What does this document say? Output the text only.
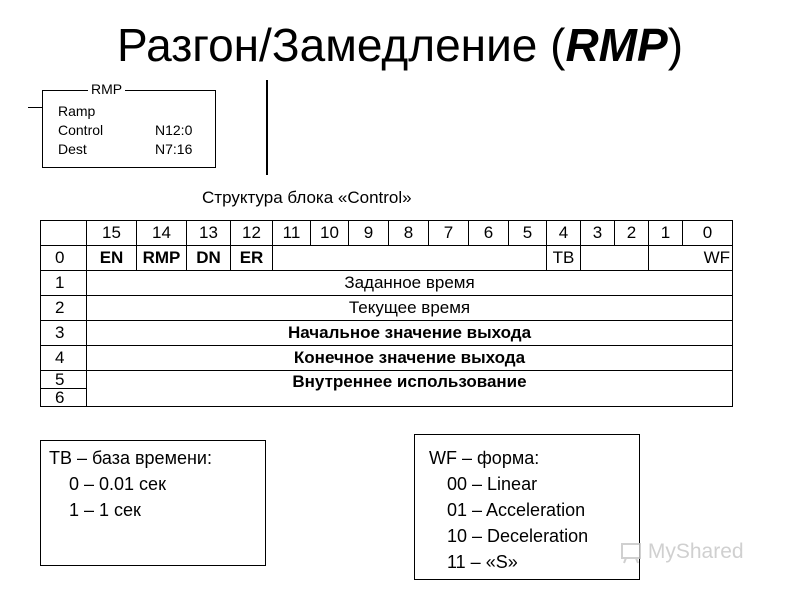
Разгон/Замедление (RMP)
RMP
Ramp
Control	N12:0
Dest	N7:16
Структура блока «Control»
	15	14	13	12	11	10	9	8	7	6	5	4	3	2	1	0
0	EN	RMP	DN	ER								TB			WF	
1	Заданное время															
2	Текущее время															
3	Начальное значение выхода															
4	Конечное значение выхода															
5	Внутреннее использование															
6																
TB – база времени:
0 – 0.01 сек
1 – 1 сек
WF – форма:
00 – Linear
01 – Acceleration
10 – Deceleration
11 – «S»	MyShared
